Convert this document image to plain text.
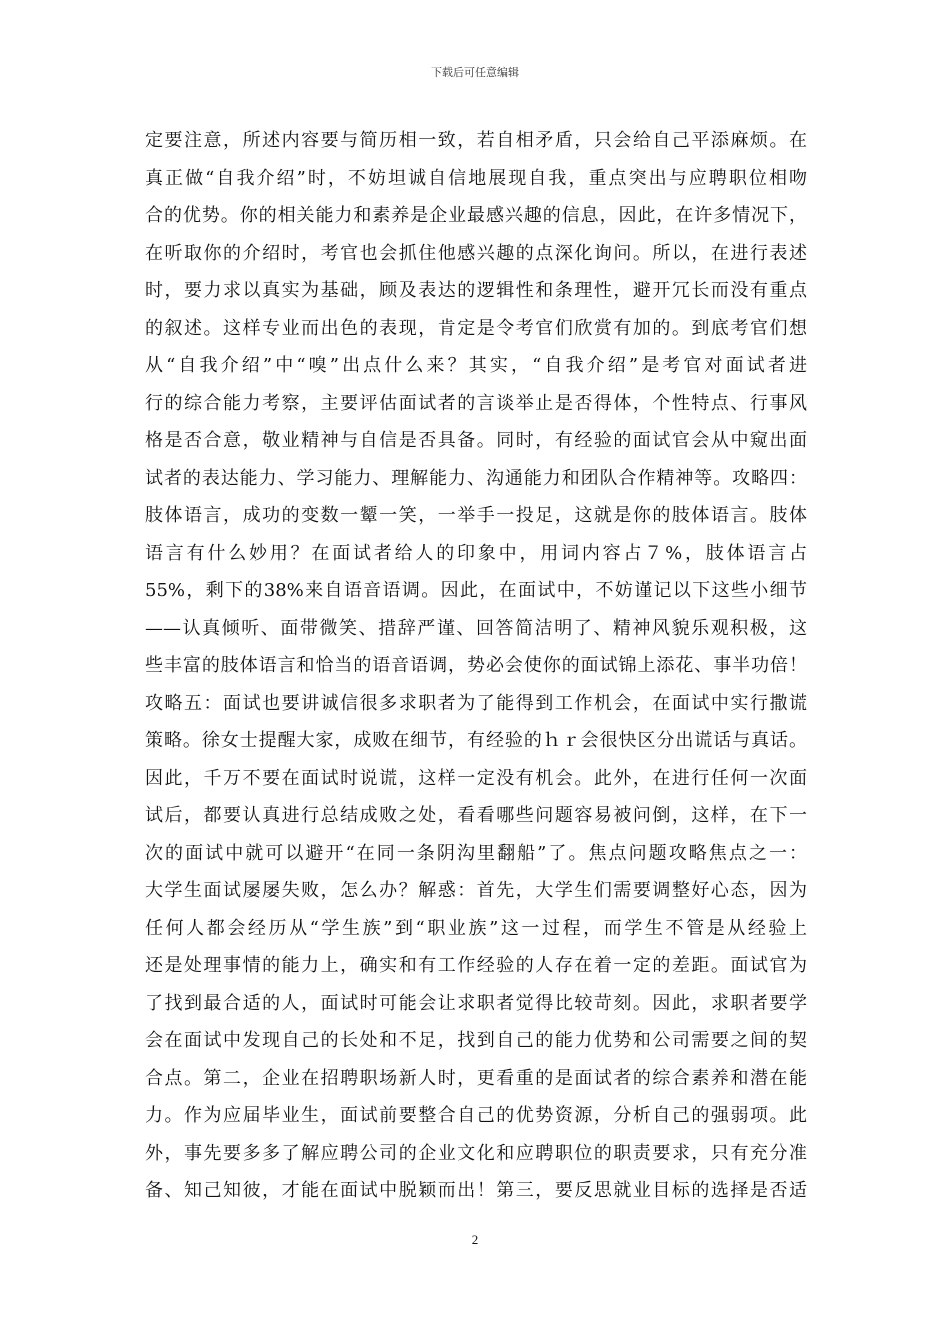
下载后可任意编辑
定要注意，所述内容要与简历相一致，若自相矛盾，只会给自己平添麻烦。在
真正做“自我介绍”时，不妨坦诚自信地展现自我，重点突出与应聘职位相吻
合的优势。你的相关能力和素养是企业最感兴趣的信息，因此，在许多情况下，
在听取你的介绍时，考官也会抓住他感兴趣的点深化询问。所以，在进行表述
时，要力求以真实为基础，顾及表达的逻辑性和条理性，避开冗长而没有重点
的叙述。这样专业而出色的表现，肯定是令考官们欣赏有加的。到底考官们想
从“自我介绍”中“嗅”出点什么来？其实，“自我介绍”是考官对面试者进
行的综合能力考察，主要评估面试者的言谈举止是否得体，个性特点、行事风
格是否合意，敬业精神与自信是否具备。同时，有经验的面试官会从中窥出面
试者的表达能力、学习能力、理解能力、沟通能力和团队合作精神等。攻略四：
肢体语言，成功的变数一颦一笑，一举手一投足，这就是你的肢体语言。肢体
语言有什么妙用？在面试者给人的印象中，用词内容占７%，肢体语言占
55%，剩下的38%来自语音语调。因此，在面试中，不妨谨记以下这些小细节
——认真倾听、面带微笑、措辞严谨、回答简洁明了、精神风貌乐观积极，这
些丰富的肢体语言和恰当的语音语调，势必会使你的面试锦上添花、事半功倍！
攻略五：面试也要讲诚信很多求职者为了能得到工作机会，在面试中实行撒谎
策略。徐女士提醒大家，成败在细节，有经验的ｈｒ会很快区分出谎话与真话。
因此，千万不要在面试时说谎，这样一定没有机会。此外，在进行任何一次面
试后，都要认真进行总结成败之处，看看哪些问题容易被问倒，这样，在下一
次的面试中就可以避开“在同一条阴沟里翻船”了。焦点问题攻略焦点之一：
大学生面试屡屡失败，怎么办？解惑：首先，大学生们需要调整好心态，因为
任何人都会经历从“学生族”到“职业族”这一过程，而学生不管是从经验上
还是处理事情的能力上，确实和有工作经验的人存在着一定的差距。面试官为
了找到最合适的人，面试时可能会让求职者觉得比较苛刻。因此，求职者要学
会在面试中发现自己的长处和不足，找到自己的能力优势和公司需要之间的契
合点。第二，企业在招聘职场新人时，更看重的是面试者的综合素养和潜在能
力。作为应届毕业生，面试前要整合自己的优势资源，分析自己的强弱项。此
外，事先要多多了解应聘公司的企业文化和应聘职位的职责要求，只有充分准
备、知己知彼，才能在面试中脱颖而出！第三，要反思就业目标的选择是否适
2
